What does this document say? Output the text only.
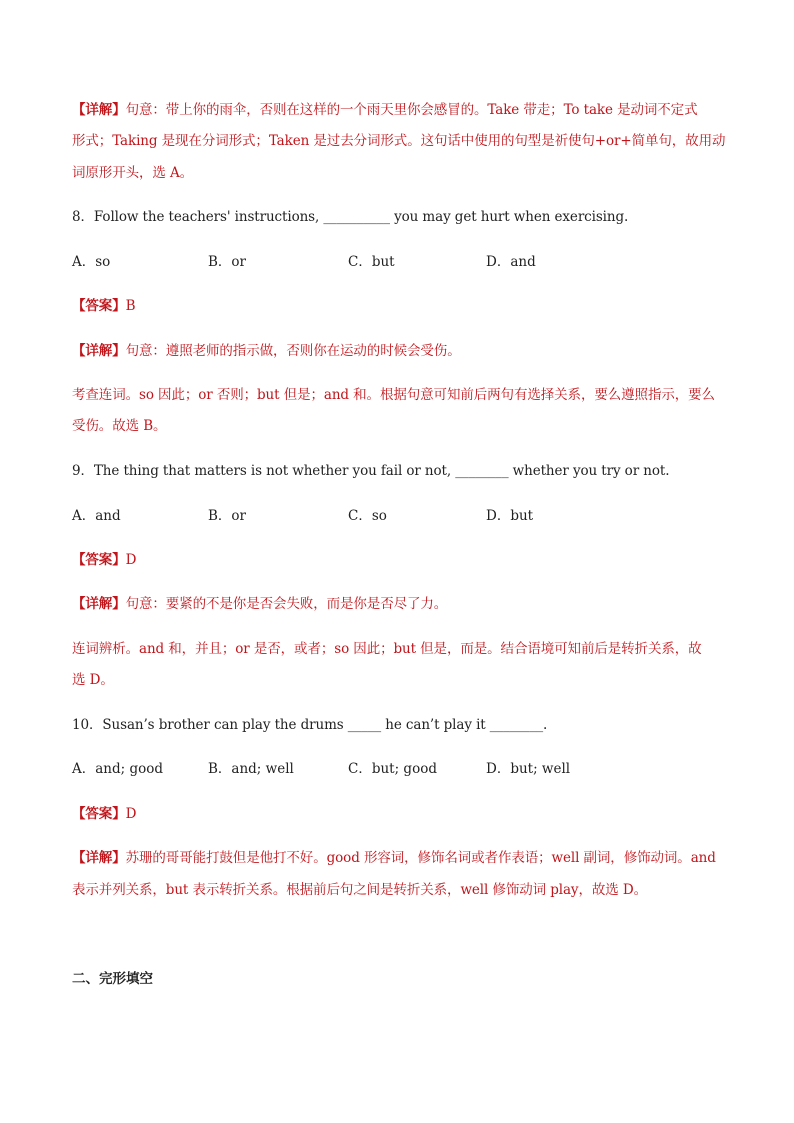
【详解】句意：带上你的雨伞，否则在这样的一个雨天里你会感冒的。Take 带走；To take 是动词不定式
形式；Taking 是现在分词形式；Taken 是过去分词形式。这句话中使用的句型是祈使句+or+简单句，故用动
词原形开头，选 A。
8．Follow the teachers' instructions, __________ you may get hurt when exercising.
A．so	B．or	C．but	D．and
【答案】B
【详解】句意：遵照老师的指示做，否则你在运动的时候会受伤。
考查连词。so 因此；or 否则；but 但是；and 和。根据句意可知前后两句有选择关系，要么遵照指示，要么
受伤。故选 B。
9．The thing that matters is not whether you fail or not, ________ whether you try or not.
A．and	B．or	C．so	D．but
【答案】D
【详解】句意：要紧的不是你是否会失败，而是你是否尽了力。
连词辨析。and 和，并且；or 是否，或者；so 因此；but 但是，而是。结合语境可知前后是转折关系，故
选 D。
10．Susan’s brother can play the drums _____ he can’t play it ________.
A．and; good	B．and; well	C．but; good	D．but; well
【答案】D
【详解】苏珊的哥哥能打鼓但是他打不好。good 形容词，修饰名词或者作表语；well 副词，修饰动词。and
表示并列关系，but 表示转折关系。根据前后句之间是转折关系，well 修饰动词 play，故选 D。
二、完形填空
